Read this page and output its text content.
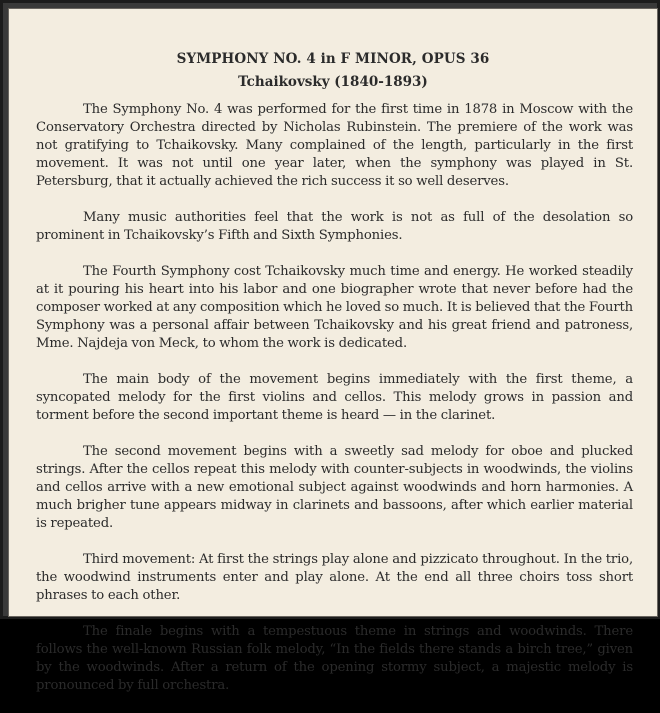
SYMPHONY NO. 4 in F MINOR, OPUS 36
Tchaikovsky (1840-1893)

The Symphony No. 4 was performed for the first time in 1878 in Moscow with the Conservatory Orchestra directed by Nicholas Rubinstein. The premiere of the work was not gratifying to Tchaikovsky. Many complained of the length, particularly in the first movement. It was not until one year later, when the symphony was played in St. Petersburg, that it actually achieved the rich success it so well deserves.

Many music authorities feel that the work is not as full of the desolation so prominent in Tchaikovsky’s Fifth and Sixth Symphonies.

The Fourth Symphony cost Tchaikovsky much time and energy. He worked steadily at it pouring his heart into his labor and one biographer wrote that never before had the composer worked at any composition which he loved so much. It is believed that the Fourth Symphony was a personal affair between Tchaikovsky and his great friend and patroness, Mme. Najdeja von Meck, to whom the work is dedicated.

The main body of the movement begins immediately with the first theme, a syncopated melody for the first violins and cellos. This melody grows in passion and torment before the second important theme is heard — in the clarinet.

The second movement begins with a sweetly sad melody for oboe and plucked strings. After the cellos repeat this melody with counter-subjects in woodwinds, the violins and cellos arrive with a new emotional subject against woodwinds and horn harmonies. A much brigher tune appears midway in clarinets and bassoons, after which earlier material is repeated.

Third movement: At first the strings play alone and pizzicato throughout. In the trio, the woodwind instruments enter and play alone. At the end all three choirs toss short phrases to each other.

The finale begins with a tempestuous theme in strings and woodwinds. There follows the well-known Russian folk melody, “In the fields there stands a birch tree,” given by the woodwinds. After a return of the opening stormy subject, a majestic melody is pronounced by full orchestra.
